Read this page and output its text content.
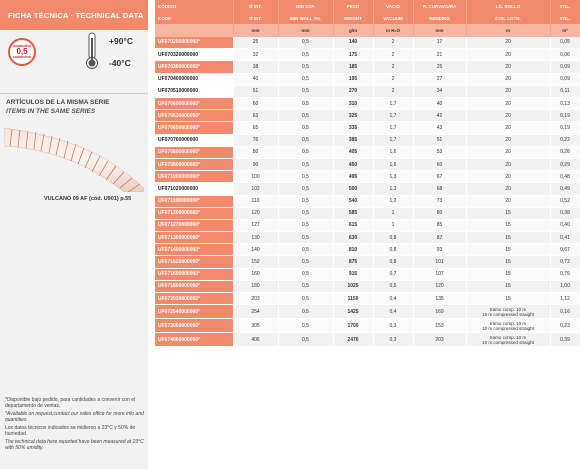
FICHA TÉCNICA · TECHNICAL DATA
conductivo
0,5
conductive
+90°C
-40°C
ARTÍCULOS DE LA MISMA SERIE
ITEMS IN THE SAME SERIES
VULCANO 09 AF (cód. U901) p.55

*Disponible bajo pedido, para cantidades a convenir con el departamento de ventas.

*Available on request,contact our sales office for more info and quantities.

Los datos técnicos indicados se midieron a 23°C y 50% de humedad.

The technical data here reported have been measured at 23°C with 50% umidity.

CÓDIGO	Ø INT.	MIN ESP.	PESO	VACIO	R. CURVATURA	LG. ROLLO	VOL.
CODE	Ø INT.	MIN WALL TH.	WEIGHT	VACUUM	BENDING	COIL LGTH.	VOL.
	mm	mm	g/m	m H₂O	mm	m	m³
UF070250000000*	25	0,5	140	2	17	20	0,05
UF070320000000	32	0,5	175	2	21	20	0,06
UF070380000000*	38	0,5	185	2	25	20	0,09
UF070400000000	40	0,5	195	2	27	20	0,09
UF070510000000	51	0,5	270	2	34	20	0,11
UF070600000000*	60	0,5	310	1,7	40	20	0,13
UF070630000000*	63	0,5	325	1,7	42	20	0,19
UF070650000000*	65	0,5	335	1,7	43	20	0,19
UF070760000000	76	0,5	385	1,7	51	20	0,22
UF070800000000*	80	0,5	405	1,6	53	20	0,26
UF070900000000*	90	0,5	450	1,6	60	20	0,29
UF071000000000*	100	0,5	495	1,3	67	20	0,48
UF071020000000	102	0,5	500	1,3	68	20	0,49
UF071100000000*	110	0,5	540	1,2	73	20	0,52
UF071200000000*	120	0,5	585	1	80	15	0,38
UF071270000000*	127	0,5	615	1	85	15	0,40
UF071300000000*	130	0,5	630	0,8	87	15	0,41
UF071400000000*	140	0,5	810	0,8	93	15	0,67
UF071520000000*	152	0,5	875	0,8	101	15	0,72
UF071600000000*	160	0,5	915	0,7	107	15	0,76
UF071800000000*	180	0,5	1025	0,5	120	15	1,00
UF072030000000*	203	0,5	1150	0,4	135	15	1,12
UF072540000000*	254	0,5	1425	0,4	169	tramo comp. 10 m
10 m compressed straight	0,16
UF073050000000*	305	0,5	1700	0,3	153	tramo comp. 10 m
10 m compressed straight	0,23
UF074060000000*	406	0,5	2470	0,3	203	tramo comp. 10 m
10 m compressed straight	0,39
